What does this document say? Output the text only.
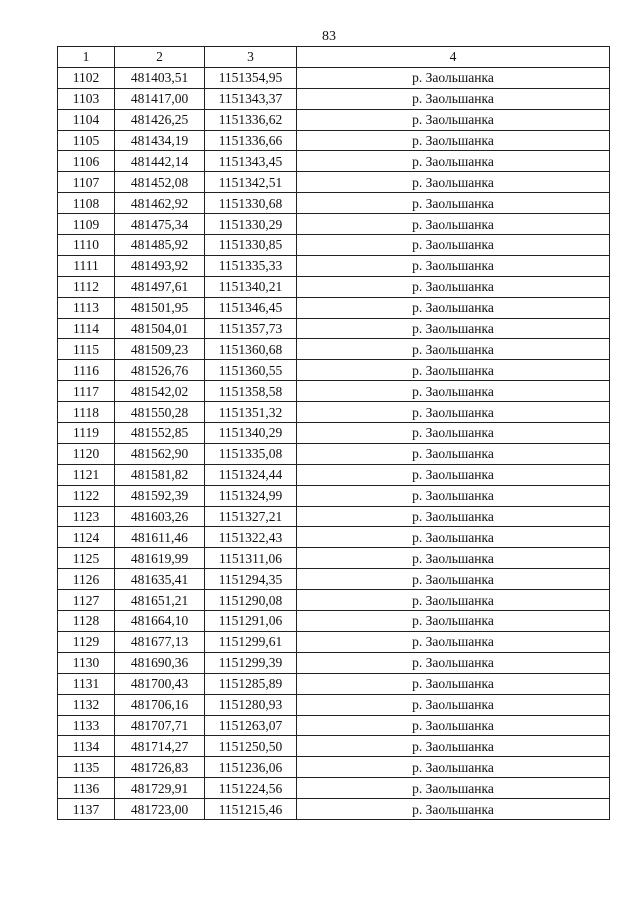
83
1	2	3	4
1102	481403,51	1151354,95	р. Заольшанка
1103	481417,00	1151343,37	р. Заольшанка
1104	481426,25	1151336,62	р. Заольшанка
1105	481434,19	1151336,66	р. Заольшанка
1106	481442,14	1151343,45	р. Заольшанка
1107	481452,08	1151342,51	р. Заольшанка
1108	481462,92	1151330,68	р. Заольшанка
1109	481475,34	1151330,29	р. Заольшанка
1110	481485,92	1151330,85	р. Заольшанка
1111	481493,92	1151335,33	р. Заольшанка
1112	481497,61	1151340,21	р. Заольшанка
1113	481501,95	1151346,45	р. Заольшанка
1114	481504,01	1151357,73	р. Заольшанка
1115	481509,23	1151360,68	р. Заольшанка
1116	481526,76	1151360,55	р. Заольшанка
1117	481542,02	1151358,58	р. Заольшанка
1118	481550,28	1151351,32	р. Заольшанка
1119	481552,85	1151340,29	р. Заольшанка
1120	481562,90	1151335,08	р. Заольшанка
1121	481581,82	1151324,44	р. Заольшанка
1122	481592,39	1151324,99	р. Заольшанка
1123	481603,26	1151327,21	р. Заольшанка
1124	481611,46	1151322,43	р. Заольшанка
1125	481619,99	1151311,06	р. Заольшанка
1126	481635,41	1151294,35	р. Заольшанка
1127	481651,21	1151290,08	р. Заольшанка
1128	481664,10	1151291,06	р. Заольшанка
1129	481677,13	1151299,61	р. Заольшанка
1130	481690,36	1151299,39	р. Заольшанка
1131	481700,43	1151285,89	р. Заольшанка
1132	481706,16	1151280,93	р. Заольшанка
1133	481707,71	1151263,07	р. Заольшанка
1134	481714,27	1151250,50	р. Заольшанка
1135	481726,83	1151236,06	р. Заольшанка
1136	481729,91	1151224,56	р. Заольшанка
1137	481723,00	1151215,46	р. Заольшанка
